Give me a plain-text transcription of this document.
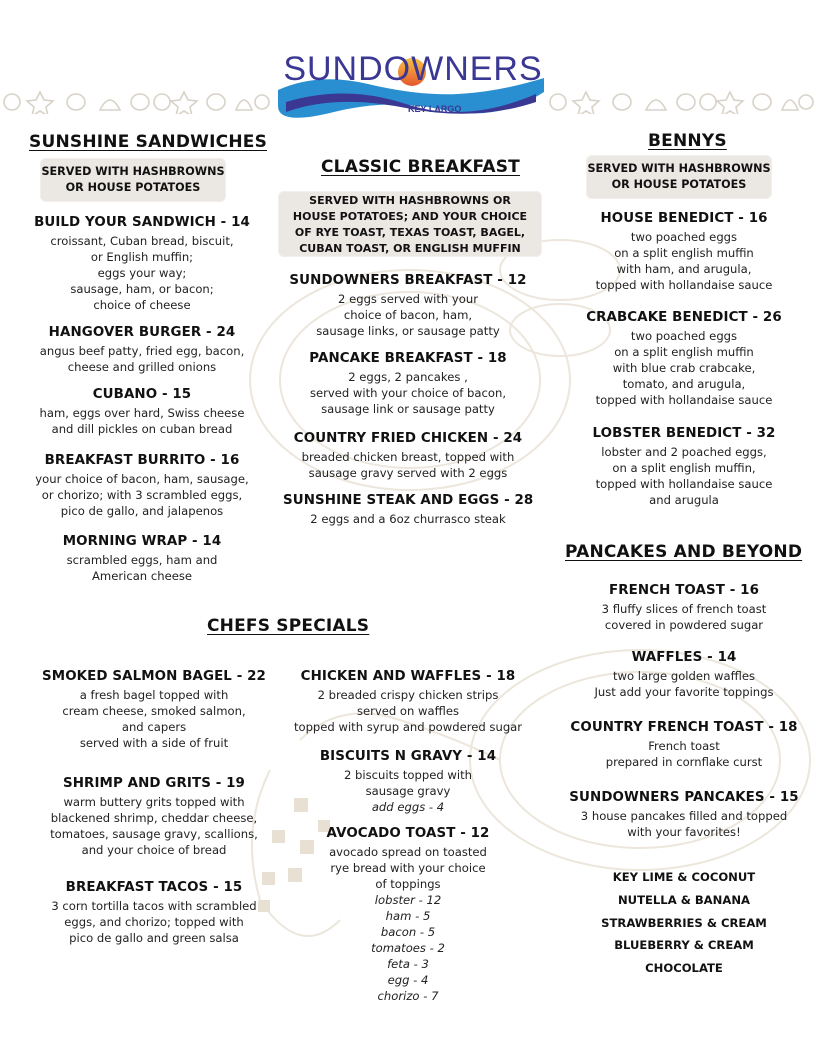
SUNDOWNERS
KEY LARGO
SUNSHINE SANDWICHES
SERVED WITH HASHBROWNS
OR HOUSE POTATOES
BUILD YOUR SANDWICH - 14
croissant, Cuban bread, biscuit,
or English muffin;
eggs your way;
sausage, ham, or bacon;
choice of cheese
HANGOVER BURGER - 24
angus beef patty, fried egg, bacon,
cheese and grilled onions
CUBANO - 15
ham, eggs over hard, Swiss cheese
and dill pickles on cuban bread
BREAKFAST BURRITO - 16
your choice of bacon, ham, sausage,
or chorizo; with 3 scrambled eggs,
pico de gallo, and jalapenos
MORNING WRAP - 14
scrambled eggs, ham and
American cheese
CLASSIC BREAKFAST
SERVED WITH HASHBROWNS OR
HOUSE POTATOES; AND YOUR CHOICE
OF RYE TOAST, TEXAS TOAST, BAGEL,
CUBAN TOAST, OR ENGLISH MUFFIN
SUNDOWNERS BREAKFAST - 12
2 eggs served with your
choice of bacon, ham,
sausage links, or sausage patty
PANCAKE BREAKFAST - 18
2 eggs, 2 pancakes ,
served with your choice of bacon,
sausage link or sausage patty
COUNTRY FRIED CHICKEN - 24
breaded chicken breast, topped with
sausage gravy served with 2 eggs
SUNSHINE STEAK AND EGGS - 28
2 eggs and a 6oz churrasco steak
BENNYS
SERVED WITH HASHBROWNS
OR HOUSE POTATOES
HOUSE BENEDICT - 16
two poached eggs
on a split english muffin
with ham, and arugula,
topped with hollandaise sauce
CRABCAKE BENEDICT - 26
two poached eggs
on a split english muffin
with blue crab crabcake,
tomato, and arugula,
topped with hollandaise sauce
LOBSTER BENEDICT - 32
lobster and 2 poached eggs,
on a split english muffin,
topped with hollandaise sauce
and arugula
PANCAKES AND BEYOND
FRENCH TOAST - 16
3 fluffy slices of french toast
covered in powdered sugar
WAFFLES - 14
two large golden waffles
Just add your favorite toppings
COUNTRY FRENCH TOAST - 18
French toast
prepared in cornflake curst
SUNDOWNERS PANCAKES - 15
3 house pancakes filled and topped
with your favorites!
KEY LIME & COCONUT
NUTELLA & BANANA
STRAWBERRIES & CREAM
BLUEBERRY & CREAM
CHOCOLATE
CHEFS SPECIALS
SMOKED SALMON BAGEL - 22
a fresh bagel topped with
cream cheese, smoked salmon,
and capers
served with a side of fruit
SHRIMP AND GRITS - 19
warm buttery grits topped with
blackened shrimp, cheddar cheese,
tomatoes, sausage gravy, scallions,
and your choice of bread
BREAKFAST TACOS - 15
3 corn tortilla tacos with scrambled
eggs, and chorizo; topped with
pico de gallo and green salsa
CHICKEN AND WAFFLES - 18
2 breaded crispy chicken strips
served on waffles
topped with syrup and powdered sugar
BISCUITS N GRAVY - 14
2 biscuits topped with
sausage gravy
add eggs - 4
AVOCADO TOAST - 12
avocado spread on toasted
rye bread with your choice
of toppings
lobster - 12
ham - 5
bacon - 5
tomatoes - 2
feta - 3
egg - 4
chorizo - 7
